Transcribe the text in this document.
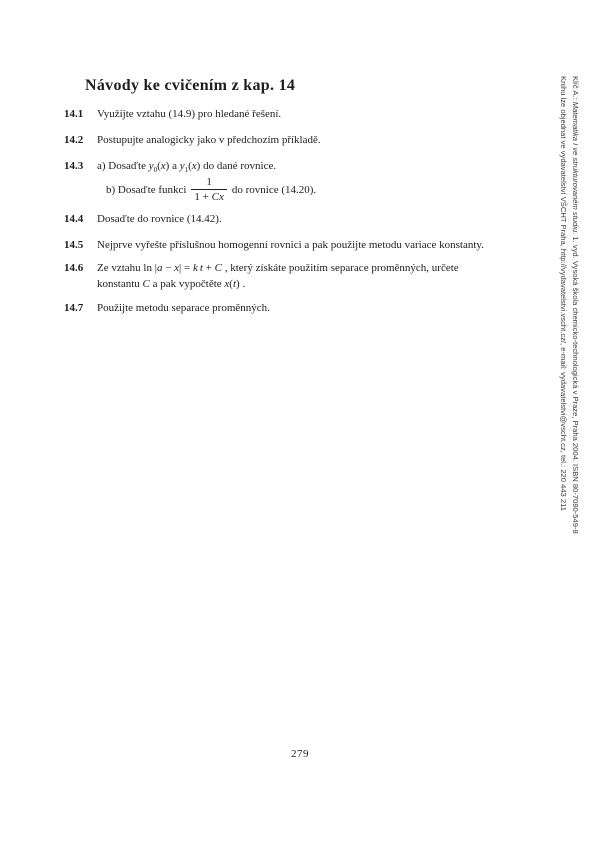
Návody ke cvičením z kap. 14
14.1 Využijte vztahu (14.9) pro hledané řešení.
14.2 Postupujte analogicky jako v předchozím příkladě.
14.3 a) Dosaďte $y_0(x)$ a $y_1(x)$ do dané rovnice.
b) Dosaďte funkci $\frac{1}{1 + Cx}$ do rovnice (14.20).
14.4 Dosaďte do rovnice (14.42).
14.5 Nejprve vyřešte příslušnou homogenní rovnici a pak použijte metodu variace konstanty.
14.6 Ze vztahu ln |a − x| = k t + C , který získáte použitím separace proměnných, určete
konstantu C a pak vypočtěte x(t) .
14.7 Použijte metodu separace proměnných.
279
Klíč A.: Matematika I ve strukturovaném studiu. 1. vyd. Vysoká škola chemicko-technologická v Praze, Praha 2004. ISBN 80-7080-549-8
Knihu lze objednat ve vydavatelství VŠCHT Praha, http://vydavatelstvi.vscht.cz/, e-mail: vydavatelstvi@vscht.cz, tel.: 220 443 211
